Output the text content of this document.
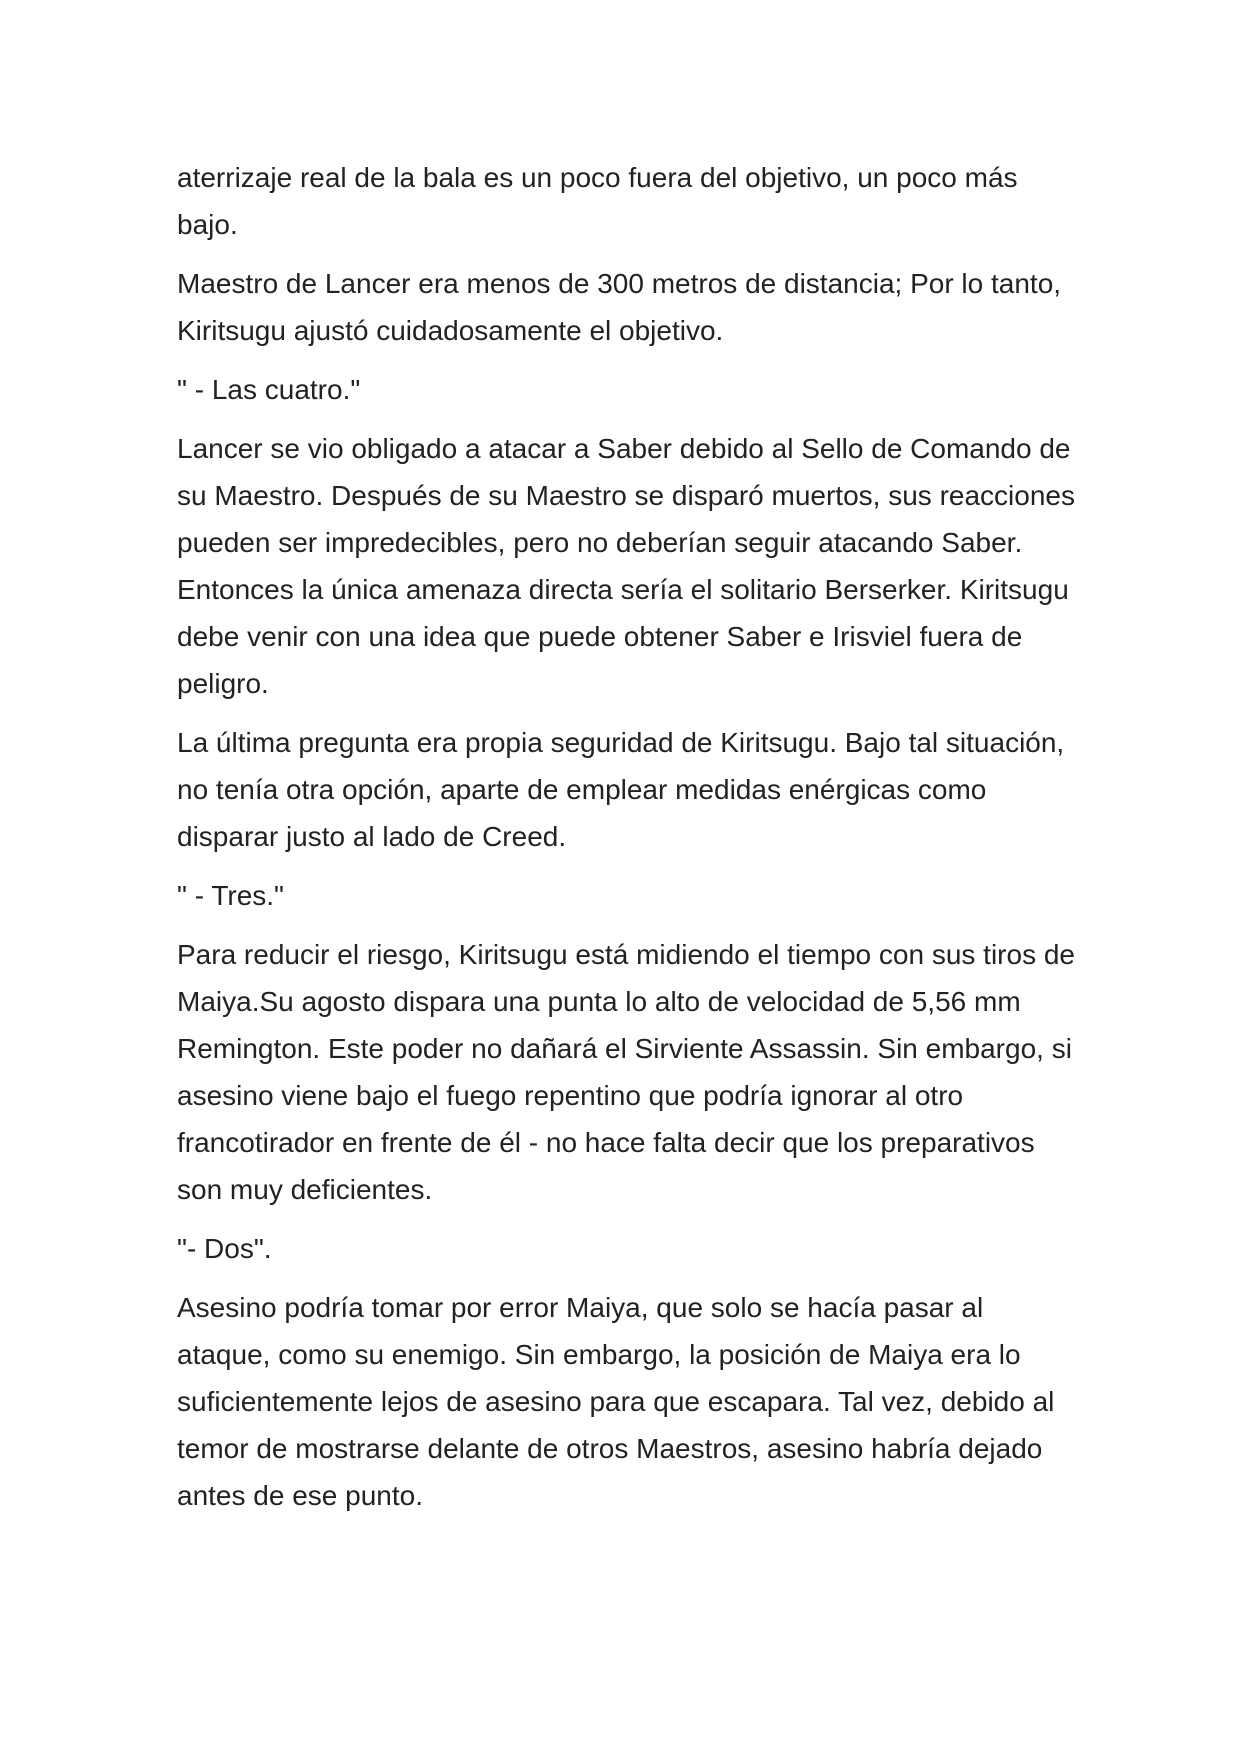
aterrizaje real de la bala es un poco fuera del objetivo, un poco más bajo.

Maestro de Lancer era menos de 300 metros de distancia; Por lo tanto, Kiritsugu ajustó cuidadosamente el objetivo.

" - Las cuatro."

Lancer se vio obligado a atacar a Saber debido al Sello de Comando de su Maestro. Después de su Maestro se disparó muertos, sus reacciones pueden ser impredecibles, pero no deberían seguir atacando Saber. Entonces la única amenaza directa sería el solitario Berserker. Kiritsugu debe venir con una idea que puede obtener Saber e Irisviel fuera de peligro.

La última pregunta era propia seguridad de Kiritsugu. Bajo tal situación, no tenía otra opción, aparte de emplear medidas enérgicas como disparar justo al lado de Creed.

" - Tres."

Para reducir el riesgo, Kiritsugu está midiendo el tiempo con sus tiros de Maiya.Su agosto dispara una punta lo alto de velocidad de 5,56 mm Remington. Este poder no dañará el Sirviente Assassin. Sin embargo, si asesino viene bajo el fuego repentino que podría ignorar al otro francotirador en frente de él - no hace falta decir que los preparativos son muy deficientes.

"- Dos".

Asesino podría tomar por error Maiya, que solo se hacía pasar al ataque, como su enemigo. Sin embargo, la posición de Maiya era lo suficientemente lejos de asesino para que escapara. Tal vez, debido al temor de mostrarse delante de otros Maestros, asesino habría dejado antes de ese punto.
